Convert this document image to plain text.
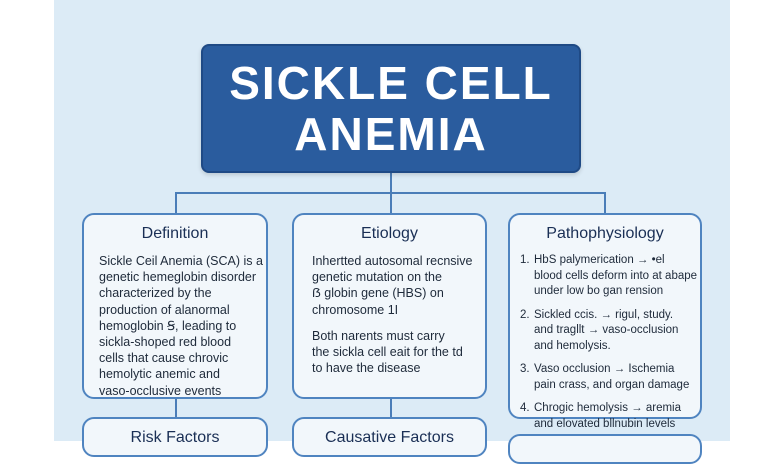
SICKLE CELL
ANEMIA
Definition
Sickle Ceil Anemia (SCA) is a
genetic hemeglobin disorder
characterized by the
production of alanormal
hemoglobin Ꞩ, leading to
sickla-shoped red blood
cells that cause chrovic
hemolytic anemic and
vaso-occlusive events
Etiology
Inhertted autosomal recnsive
genetic mutation on the
ẞ globin gene (HBS) on
chromosome 1I
Both narents must carry
the sickla cell eait for the td
to have the disease
Pathophysiology
1. HbS palymerication → •el
blood cells deform into at abape
under low bo gan rension
2. Sickled ccis. → rigul, study.
and tragllt → vaso-occlusion
and hemolysis.
3. Vaso occlusion → Ischemia
pain crass, and organ damage
4. Chrogic hemolysis → aremia
and elovated bllnubin levels
Risk Factors	Causative Factors
